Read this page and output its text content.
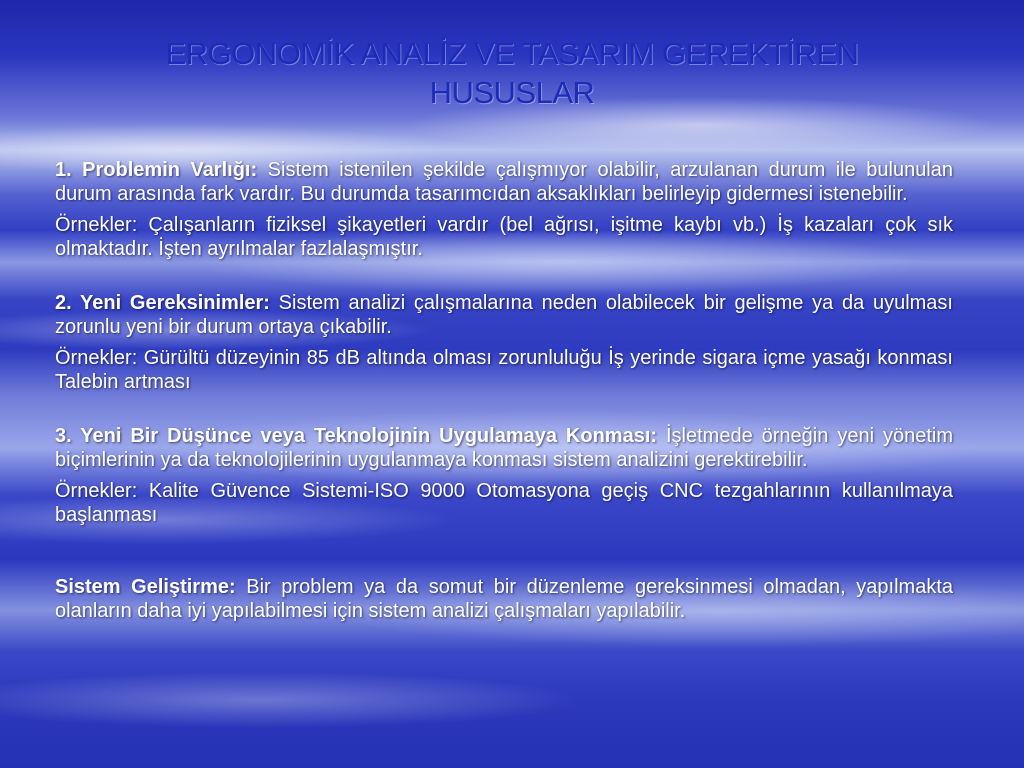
ERGONOMİK ANALİZ VE TASARIM GEREKTİREN
HUSUSLAR

1. Problemin Varlığı: Sistem istenilen şekilde çalışmıyor olabilir, arzulanan durum ile bulunulan durum arasında fark vardır. Bu durumda tasarımcıdan aksaklıkları belirleyip gidermesi istenebilir.

Örnekler: Çalışanların fiziksel şikayetleri vardır (bel ağrısı, işitme kaybı vb.) İş kazaları çok sık olmaktadır. İşten ayrılmalar fazlalaşmıştır.

2. Yeni Gereksinimler: Sistem analizi çalışmalarına neden olabilecek bir gelişme ya da uyulması zorunlu yeni bir durum ortaya çıkabilir.

Örnekler: Gürültü düzeyinin 85 dB altında olması zorunluluğu İş yerinde sigara içme yasağı konması Talebin artması

3. Yeni Bir Düşünce veya Teknolojinin Uygulamaya Konması: İşletmede örneğin yeni yönetim biçimlerinin ya da teknolojilerinin uygulanmaya konması sistem analizini gerektirebilir.

Örnekler: Kalite Güvence Sistemi-ISO 9000 Otomasyona geçiş CNC tezgahlarının kullanılmaya başlanması

Sistem Geliştirme: Bir problem ya da somut bir düzenleme gereksinmesi olmadan, yapılmakta olanların daha iyi yapılabilmesi için sistem analizi çalışmaları yapılabilir.
